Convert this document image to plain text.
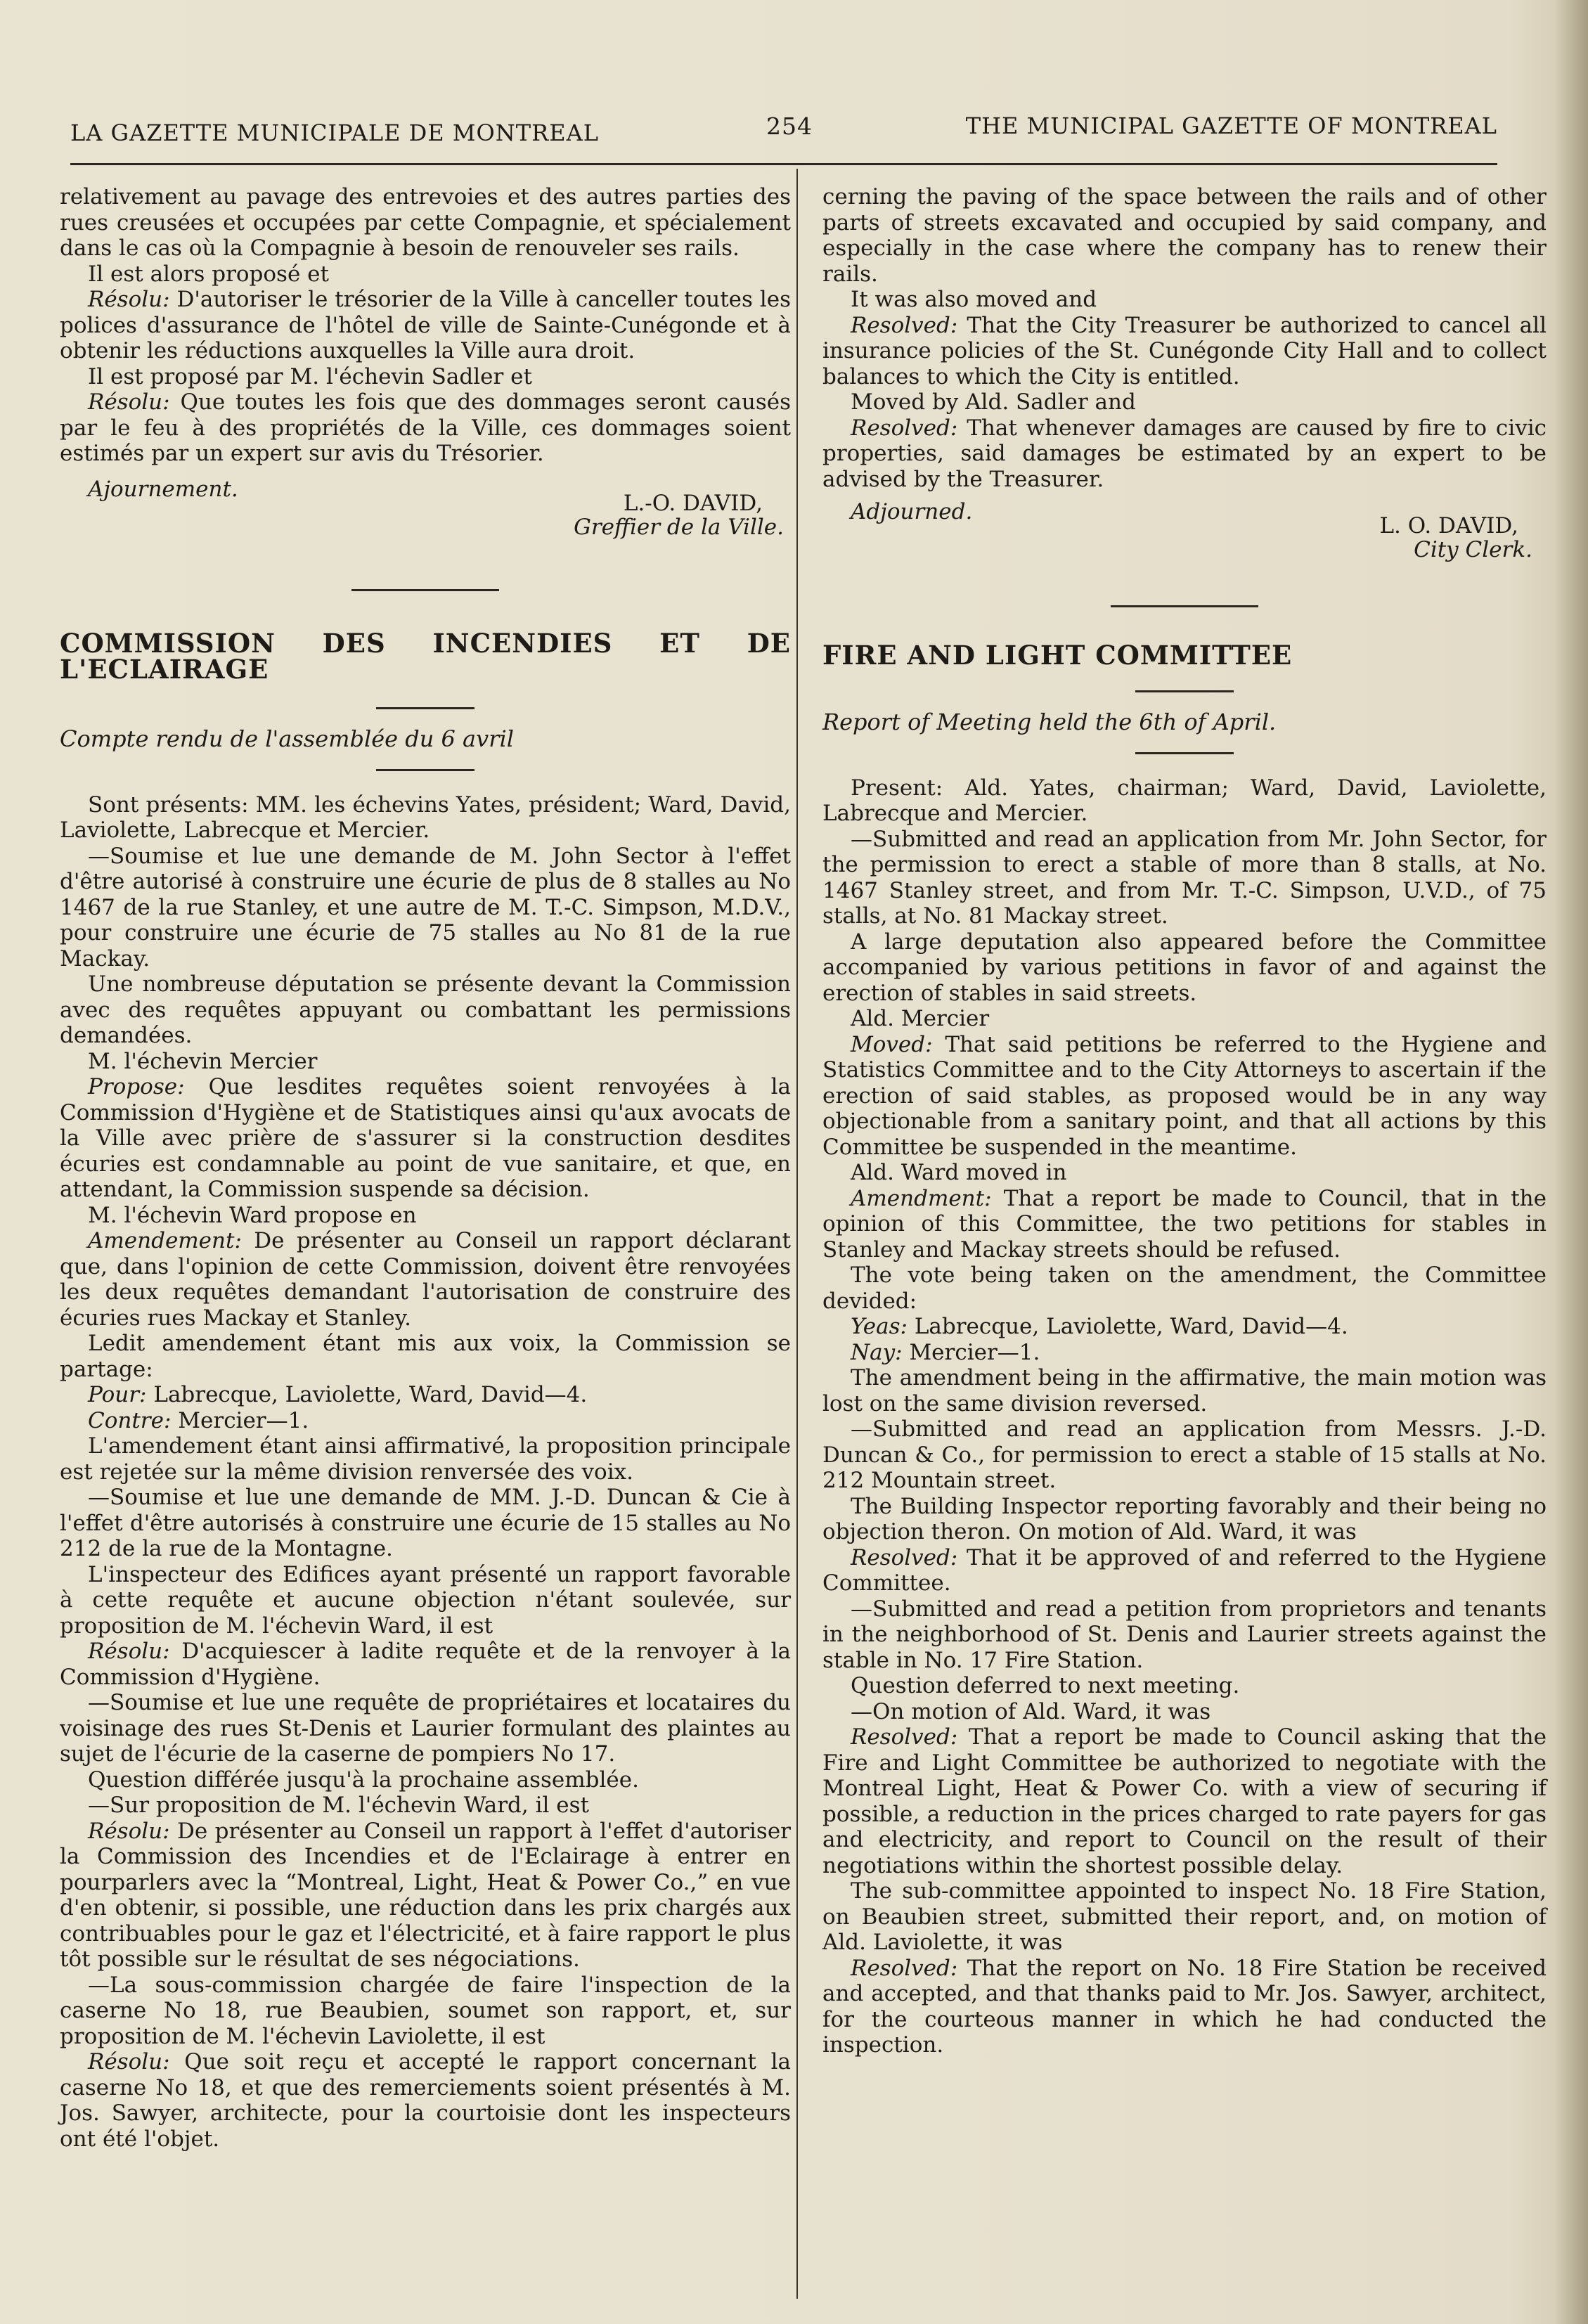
LA GAZETTE MUNICIPALE DE MONTREAL	254	THE MUNICIPAL GAZETTE OF MONTREAL

relativement au pavage des entrevoies et des autres parties des rues creusées et occupées par cette Compagnie, et spécialement dans le cas où la Compagnie à besoin de renouveler ses rails.

Il est alors proposé et

Résolu: D'autoriser le trésorier de la Ville à canceller toutes les polices d'assurance de l'hôtel de ville de Sainte-Cunégonde et à obtenir les réductions auxquelles la Ville aura droit.

Il est proposé par M. l'échevin Sadler et

Résolu: Que toutes les fois que des dommages seront causés par le feu à des propriétés de la Ville, ces dommages soient estimés par un expert sur avis du Trésorier.

Ajournement.
L.-O. DAVID,

Greffier de la Ville.

COMMISSION DES INCENDIES ET DE L'ECLAIRAGE

Compte rendu de l'assemblée du 6 avril

Sont présents: MM. les échevins Yates, président; Ward, David, Laviolette, Labrecque et Mercier.

—Soumise et lue une demande de M. John Sector à l'effet d'être autorisé à construire une écurie de plus de 8 stalles au No 1467 de la rue Stanley, et une autre de M. T.-C. Simpson, M.D.V., pour construire une écurie de 75 stalles au No 81 de la rue Mackay.

Une nombreuse députation se présente devant la Commission avec des requêtes appuyant ou combattant les permissions demandées.

M. l'échevin Mercier

Propose: Que lesdites requêtes soient renvoyées à la Commission d'Hygiène et de Statistiques ainsi qu'aux avocats de la Ville avec prière de s'assurer si la construction desdites écuries est condamnable au point de vue sanitaire, et que, en attendant, la Commission suspende sa décision.

M. l'échevin Ward propose en

Amendement: De présenter au Conseil un rapport déclarant que, dans l'opinion de cette Commission, doivent être renvoyées les deux requêtes demandant l'autorisation de construire des écuries rues Mackay et Stanley.

Ledit amendement étant mis aux voix, la Commission se partage:

Pour: Labrecque, Laviolette, Ward, David—4.

Contre: Mercier—1.

L'amendement étant ainsi affirmativé, la proposition principale est rejetée sur la même division renversée des voix.

—Soumise et lue une demande de MM. J.-D. Duncan & Cie à l'effet d'être autorisés à construire une écurie de 15 stalles au No 212 de la rue de la Montagne.

L'inspecteur des Edifices ayant présenté un rapport favorable à cette requête et aucune objection n'étant soulevée, sur proposition de M. l'échevin Ward, il est

Résolu: D'acquiescer à ladite requête et de la renvoyer à la Commission d'Hygiène.

—Soumise et lue une requête de propriétaires et locataires du voisinage des rues St-Denis et Laurier formulant des plaintes au sujet de l'écurie de la caserne de pompiers No 17.

Question différée jusqu'à la prochaine assemblée.

—Sur proposition de M. l'échevin Ward, il est

Résolu: De présenter au Conseil un rapport à l'effet d'autoriser la Commission des Incendies et de l'Eclairage à entrer en pourparlers avec la “Montreal, Light, Heat & Power Co.,” en vue d'en obtenir, si possible, une réduction dans les prix chargés aux contribuables pour le gaz et l'électricité, et à faire rapport le plus tôt possible sur le résultat de ses négociations.

—La sous-commission chargée de faire l'inspection de la caserne No 18, rue Beaubien, soumet son rapport, et, sur proposition de M. l'échevin Laviolette, il est

Résolu: Que soit reçu et accepté le rapport concernant la caserne No 18, et que des remerciements soient présentés à M. Jos. Sawyer, architecte, pour la courtoisie dont les inspecteurs ont été l'objet.

cerning the paving of the space between the rails and of other parts of streets excavated and occupied by said company, and especially in the case where the company has to renew their rails.

It was also moved and

Resolved: That the City Treasurer be authorized to cancel all insurance policies of the St. Cunégonde City Hall and to collect balances to which the City is entitled.

Moved by Ald. Sadler and

Resolved: That whenever damages are caused by fire to civic properties, said damages be estimated by an expert to be advised by the Treasurer.

Adjourned.
L. O. DAVID,

City Clerk.

FIRE AND LIGHT COMMITTEE

Report of Meeting held the 6th of April.

Present: Ald. Yates, chairman; Ward, David, Laviolette, Labrecque and Mercier.

—Submitted and read an application from Mr. John Sector, for the permission to erect a stable of more than 8 stalls, at No. 1467 Stanley street, and from Mr. T.-C. Simpson, U.V.D., of 75 stalls, at No. 81 Mackay street.

A large deputation also appeared before the Committee accompanied by various petitions in favor of and against the erection of stables in said streets.

Ald. Mercier

Moved: That said petitions be referred to the Hygiene and Statistics Committee and to the City Attorneys to ascertain if the erection of said stables, as proposed would be in any way objectionable from a sanitary point, and that all actions by this Committee be suspended in the meantime.

Ald. Ward moved in

Amendment: That a report be made to Council, that in the opinion of this Committee, the two petitions for stables in Stanley and Mackay streets should be refused.

The vote being taken on the amendment, the Committee devided:

Yeas: Labrecque, Laviolette, Ward, David—4.

Nay: Mercier—1.

The amendment being in the affirmative, the main motion was lost on the same division reversed.

—Submitted and read an application from Messrs. J.-D. Duncan & Co., for permission to erect a stable of 15 stalls at No. 212 Mountain street.

The Building Inspector reporting favorably and their being no objection theron. On motion of Ald. Ward, it was

Resolved: That it be approved of and referred to the Hygiene Committee.

—Submitted and read a petition from proprietors and tenants in the neighborhood of St. Denis and Laurier streets against the stable in No. 17 Fire Station.

Question deferred to next meeting.

—On motion of Ald. Ward, it was

Resolved: That a report be made to Council asking that the Fire and Light Committee be authorized to negotiate with the Montreal Light, Heat & Power Co. with a view of securing if possible, a reduction in the prices charged to rate payers for gas and electricity, and report to Council on the result of their negotiations within the shortest possible delay.

The sub-committee appointed to inspect No. 18 Fire Station, on Beaubien street, submitted their report, and, on motion of Ald. Laviolette, it was

Resolved: That the report on No. 18 Fire Station be received and accepted, and that thanks paid to Mr. Jos. Sawyer, architect, for the courteous manner in which he had conducted the inspection.
